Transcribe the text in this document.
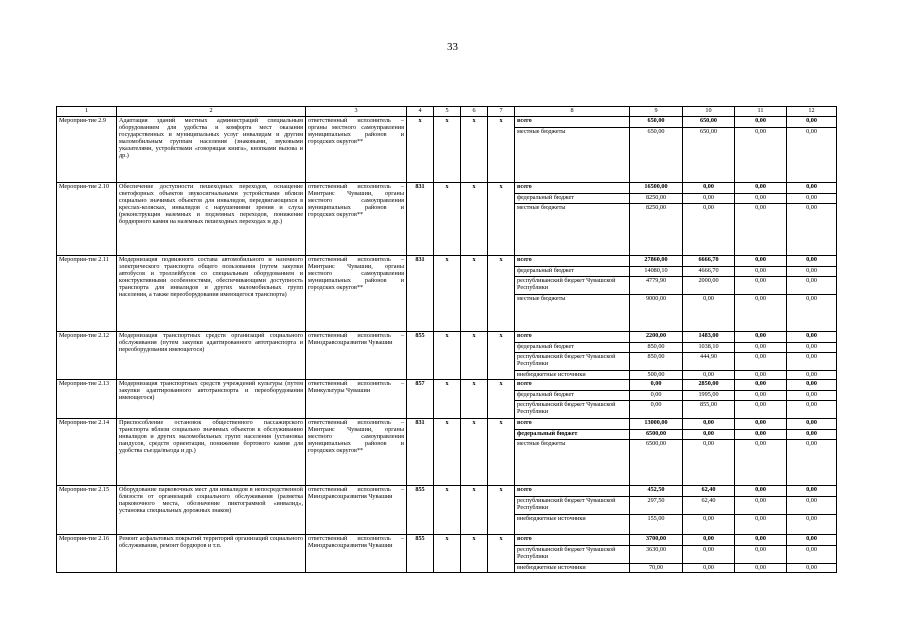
33
1	2	3	4	5	6	7	8	9	10	11	12
Мероприя-тие 2.9	Адаптация зданий местных администраций специальным оборудованием для удобства и комфорта мест оказания государственных и муниципальных услуг инвалидам и другим маломобильным группам населения (знаковыми, звуковыми указателями, устройствами «говорящая книга», кнопками вызова и др.)	ответственный исполнитель – органы местного самоуправления муниципальных районов и городских округов**	x	x	x	x	всего	650,00	650,00	0,00	0,00
							местные бюджеты	650,00	650,00	0,00	0,00
Мероприя-тие 2.10	Обеспечение доступности пешеходных переходов, оснащение светофорных объектов звукосигнальными устройствами вблизи социально значимых объектов для инвалидов, передвигающихся в креслах-колясках, инвалидов с нарушениями зрения и слуха (реконструкция наземных и подземных переходов, понижение бордюрного камня на наземных пешеходных переходах и др.)	ответственный исполнитель – Минтранс Чувашии, органы местного самоуправления муниципальных районов и городских округов**	831	x	x	x	всего	16500,00	0,00	0,00	0,00
							федеральный бюджет	8250,00	0,00	0,00	0,00
							местные бюджеты	8250,00	0,00	0,00	0,00
Мероприя-тие 2.11	Модернизация подвижного состава автомобильного и наземного электрического транспорта общего пользования (путем закупки автобусов и троллейбусов со специальным оборудованием и конструктивными особенностями, обеспечивающими доступность транспорта для инвалидов и других маломобильных групп населения, а также переоборудования имеющегося транспорта)	ответственный исполнитель – Минтранс Чувашии, органы местного самоуправления муниципальных районов и городских округов**	831	x	x	x	всего	27860,00	6666,70	0,00	0,00
							федеральный бюджет	14080,10	4666,70	0,00	0,00
							республиканский бюджет Чувашской Республики	4779,90	2000,00	0,00	0,00
							местные бюджеты	9000,00	0,00	0,00	0,00
Мероприя-тие 2.12	Модернизация транспортных средств организаций социального обслуживания (путем закупки адаптированного автотранспорта и переоборудования имеющегося)	ответственный исполнитель – Минздравсоцразвития Чувашии	855	x	x	x	всего	2200,00	1483,00	0,00	0,00
							федеральный бюджет	850,00	1038,10	0,00	0,00
							республиканский бюджет Чувашской Республики	850,00	444,90	0,00	0,00
							внебюджетные источники	500,00	0,00	0,00	0,00
Мероприя-тие 2.13	Модернизация транспортных средств учреждений культуры (путем закупки адаптированного автотранспорта и переоборудования имеющегося)	ответственный исполнитель – Минкультуры Чувашии	857	x	x	x	всего	0,00	2850,00	0,00	0,00
							федеральный бюджет	0,00	1995,00	0,00	0,00
							республиканский бюджет Чувашской Республики	0,00	855,00	0,00	0,00
Мероприя-тие 2.14	Приспособление остановок общественного пассажирского транспорта вблизи социально значимых объектов к обслуживанию инвалидов и других маломобильных групп населения (установка пандусов, средств ориентации, понижение бортового камня для удобства съезда/въезда и др.)	ответственный исполнитель – Минтранс Чувашии, органы местного самоуправления муниципальных районов и городских округов**	831	x	x	x	всего	13000,00	0,00	0,00	0,00
							федеральный бюджет	6500,00	0,00	0,00	0,00
							местные бюджеты	6500,00	0,00	0,00	0,00
Мероприя-тие 2.15	Оборудование парковочных мест для инвалидов в непосредственной близости от организаций социального обслуживания (разметка парковочного места, обозначение пиктограммой «инвалид», установка специальных дорожных знаков)	ответственный исполнитель – Минздравсоцразвития Чувашии	855	x	x	x	всего	452,50	62,40	0,00	0,00
							республиканский бюджет Чувашской Республики	297,50	62,40	0,00	0,00
							внебюджетные источники	155,00	0,00	0,00	0,00
Мероприя-тие 2.16	Ремонт асфальтовых покрытий территорий организаций социального обслуживания, ремонт бордюров и т.п.	ответственный исполнитель – Минздравсоцразвития Чувашии	855	x	x	x	всего	3700,00	0,00	0,00	0,00
							республиканский бюджет Чувашской Республики	3630,00	0,00	0,00	0,00
							внебюджетные источники	70,00	0,00	0,00	0,00
